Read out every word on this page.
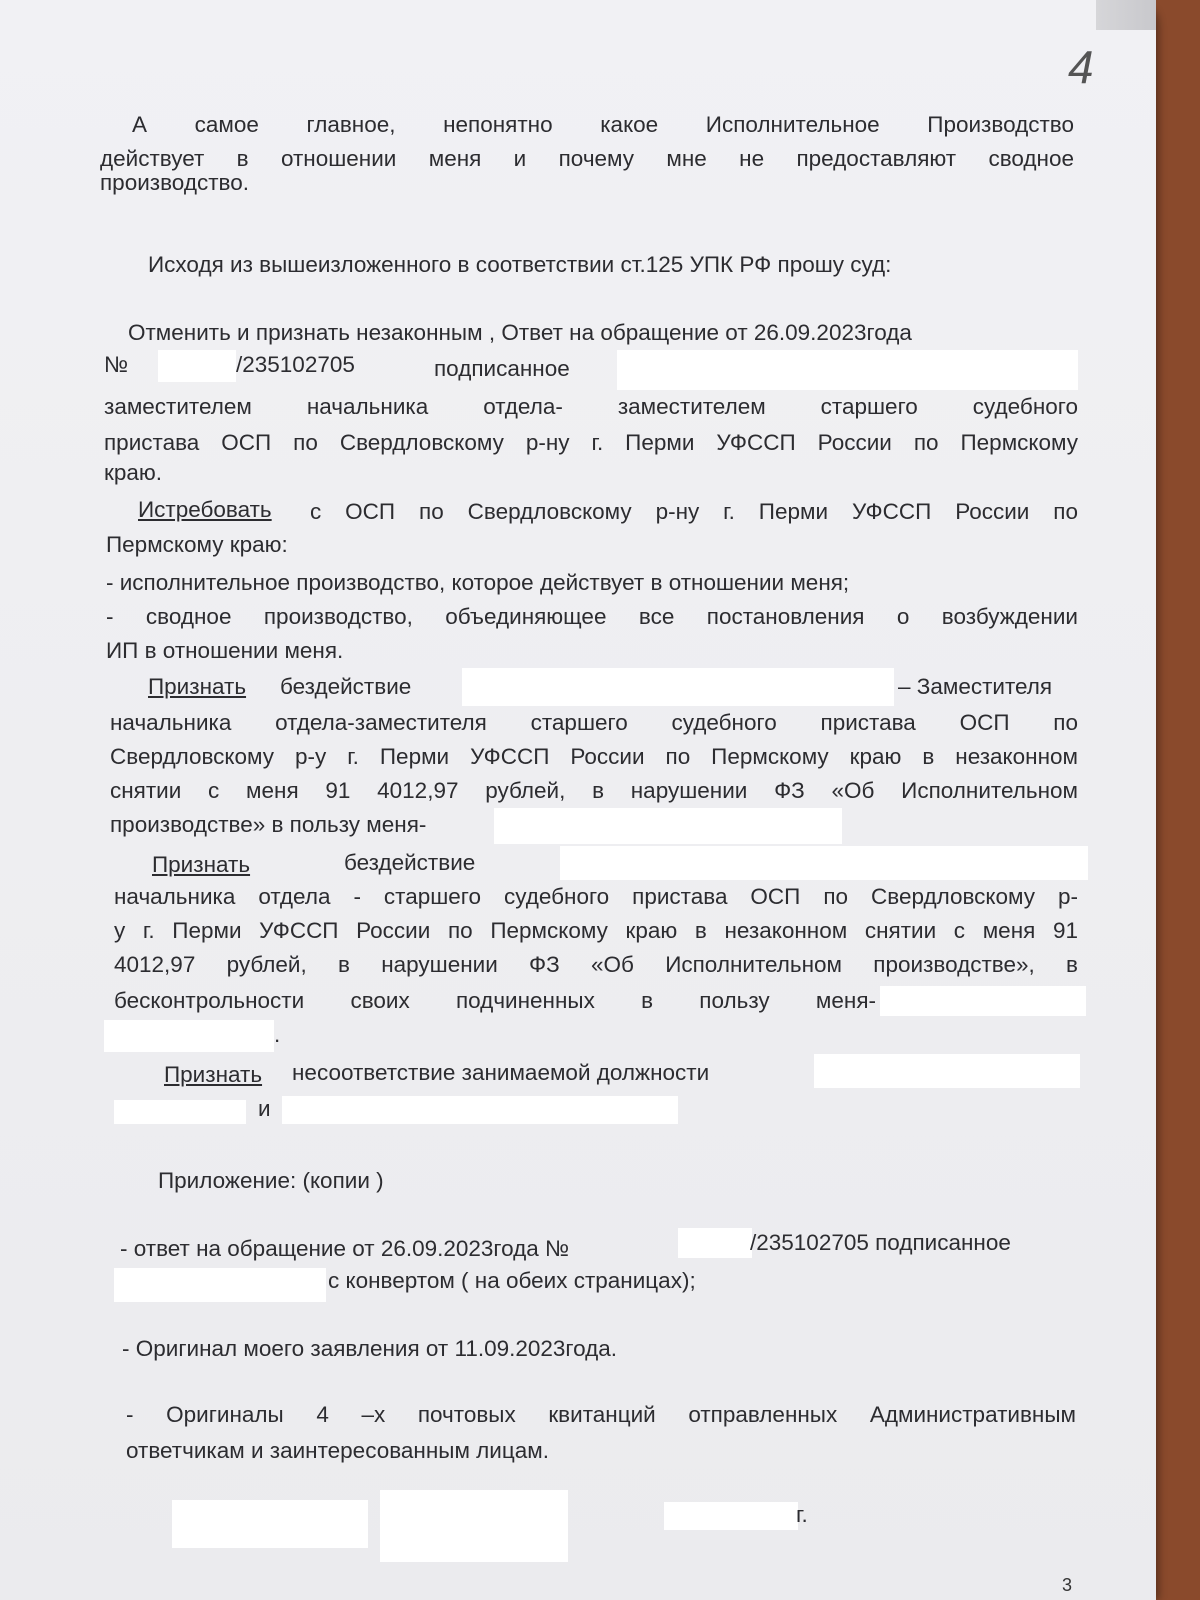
4
А самое главное, непонятно какое Исполнительное Производство
действует в отношении меня и почему мне не предоставляют сводное
производство.
Исходя из вышеизложенного в соответствии ст.125 УПК РФ прошу суд:
Отменить и признать незаконным , Ответ на обращение от 26.09.2023года
№	/235102705	подписанное
заместителем начальника отдела- заместителем старшего судебного
пристава ОСП по Свердловскому р-ну г. Перми УФССП России по Пермскому
краю.
Истребовать с ОСП по Свердловскому р-ну г. Перми УФССП России по
Пермскому краю:
- исполнительное производство, которое действует в отношении меня;
- сводное производство, объединяющее все постановления о возбуждении
ИП в отношении меня.
Признать бездействие	– Заместителя
начальника отдела-заместителя старшего судебного пристава ОСП по
Свердловскому р-у г. Перми УФССП России по Пермскому краю в незаконном
снятии с меня 91 4012,97 рублей, в нарушении ФЗ «Об Исполнительном
производстве» в пользу меня-
Признать	бездействие
начальника отдела - старшего судебного пристава ОСП по Свердловскому р-
у г. Перми УФССП России по Пермскому краю в незаконном снятии с меня 91
4012,97 рублей, в нарушении ФЗ «Об Исполнительном производстве», в
бесконтрольности своих подчиненных в пользу меня-
.
Признать несоответствие занимаемой должности
и
Приложение: (копии )
- ответ на обращение от 26.09.2023года №	/235102705 подписанное
с конвертом ( на обеих страницах);
- Оригинал моего заявления от 11.09.2023года.
- Оригиналы 4 –х почтовых квитанций отправленных Административным
ответчикам и заинтересованным лицам.
г.
3
